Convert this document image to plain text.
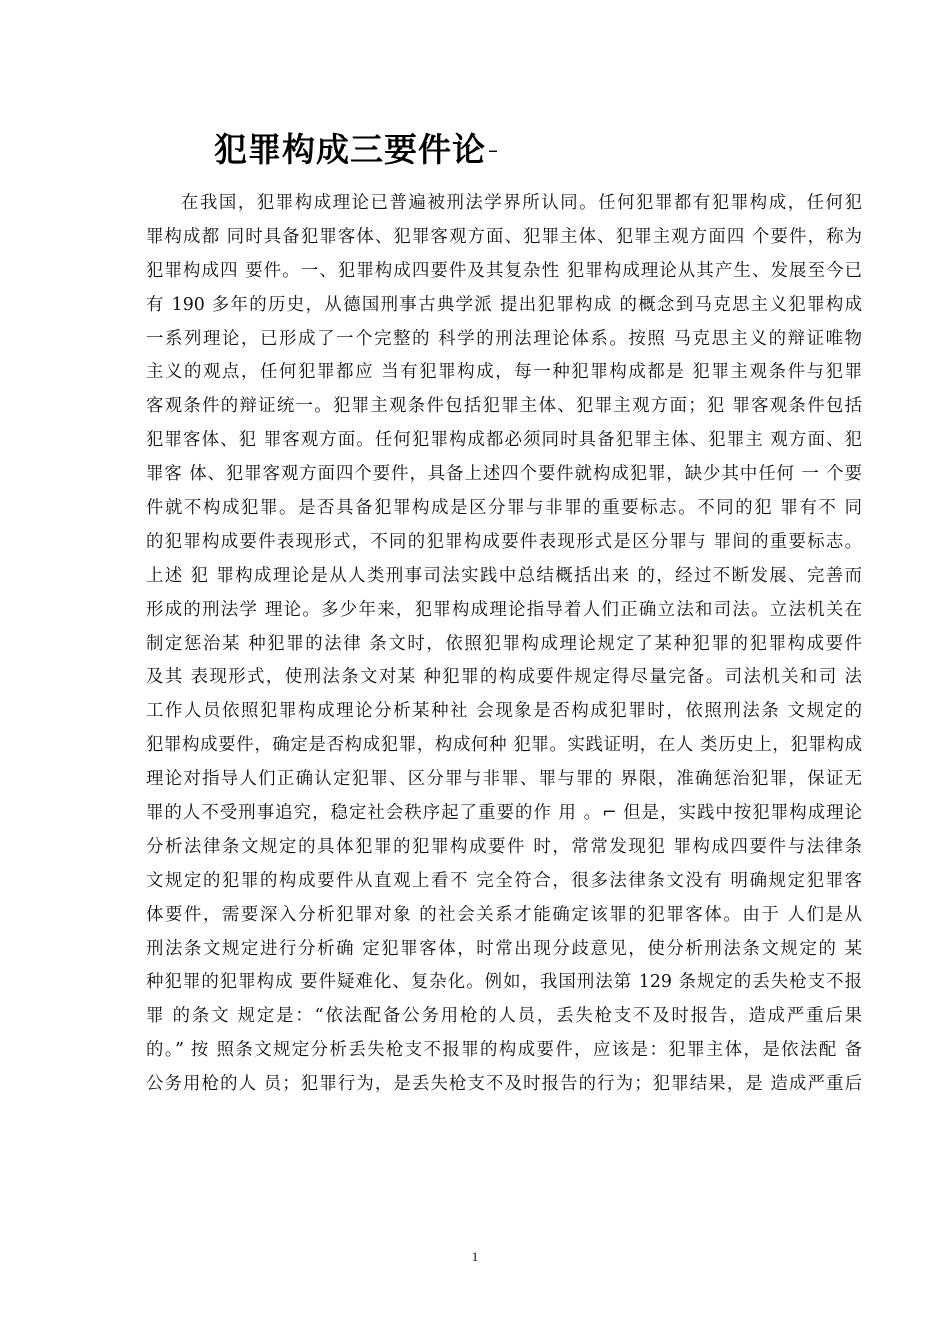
犯罪构成三要件论 –
在我国，犯罪构成理论已普遍被刑法学界所认同。任何犯罪都有犯罪构成，任何犯
罪构成都 同时具备犯罪客体、犯罪客观方面、犯罪主体、犯罪主观方面四 个要件，称为
犯罪构成四 要件。一、犯罪构成四要件及其复杂性 犯罪构成理论从其产生、发展至今已
有 190 多年的历史，从德国刑事古典学派 提出犯罪构成 的概念到马克思主义犯罪构成
一系列理论，已形成了一个完整的 科学的刑法理论体系。按照 马克思主义的辩证唯物
主义的观点，任何犯罪都应 当有犯罪构成，每一种犯罪构成都是 犯罪主观条件与犯罪
客观条件的辩证统一。犯罪主观条件包括犯罪主体、犯罪主观方面；犯 罪客观条件包括
犯罪客体、犯 罪客观方面。任何犯罪构成都必须同时具备犯罪主体、犯罪主 观方面、犯
罪客 体、犯罪客观方面四个要件，具备上述四个要件就构成犯罪，缺少其中任何 一 个要
件就不构成犯罪。是否具备犯罪构成是区分罪与非罪的重要标志。不同的犯 罪有不 同
的犯罪构成要件表现形式，不同的犯罪构成要件表现形式是区分罪与 罪间的重要标志。
上述 犯 罪构成理论是从人类刑事司法实践中总结概括出来 的，经过不断发展、完善而
形成的刑法学 理论。多少年来，犯罪构成理论指导着人们正确立法和司法。立法机关在
制定惩治某 种犯罪的法律 条文时，依照犯罪构成理论规定了某种犯罪的犯罪构成要件
及其 表现形式，使刑法条文对某 种犯罪的构成要件规定得尽量完备。司法机关和司 法
工作人员依照犯罪构成理论分析某种社 会现象是否构成犯罪时，依照刑法条 文规定的
犯罪构成要件，确定是否构成犯罪，构成何种 犯罪。实践证明，在人 类历史上，犯罪构成
理论对指导人们正确认定犯罪、区分罪与非罪、罪与罪的 界限，准确惩治犯罪，保证无
罪的人不受刑事追究，稳定社会秩序起了重要的作 用 。⌐ 但是，实践中按犯罪构成理论
分析法律条文规定的具体犯罪的犯罪构成要件 时，常常发现犯 罪构成四要件与法律条
文规定的犯罪的构成要件从直观上看不 完全符合，很多法律条文没有 明确规定犯罪客
体要件，需要深入分析犯罪对象 的社会关系才能确定该罪的犯罪客体。由于 人们是从
刑法条文规定进行分析确 定犯罪客体，时常出现分歧意见，使分析刑法条文规定的 某
种犯罪的犯罪构成 要件疑难化、复杂化。例如，我国刑法第 129 条规定的丢失枪支不报
罪 的条文 规定是：“依法配备公务用枪的人员，丢失枪支不及时报告，造成严重后果
的。” 按 照条文规定分析丢失枪支不报罪的构成要件，应该是：犯罪主体，是依法配 备
公务用枪的人 员；犯罪行为，是丢失枪支不及时报告的行为；犯罪结果，是 造成严重后
1
